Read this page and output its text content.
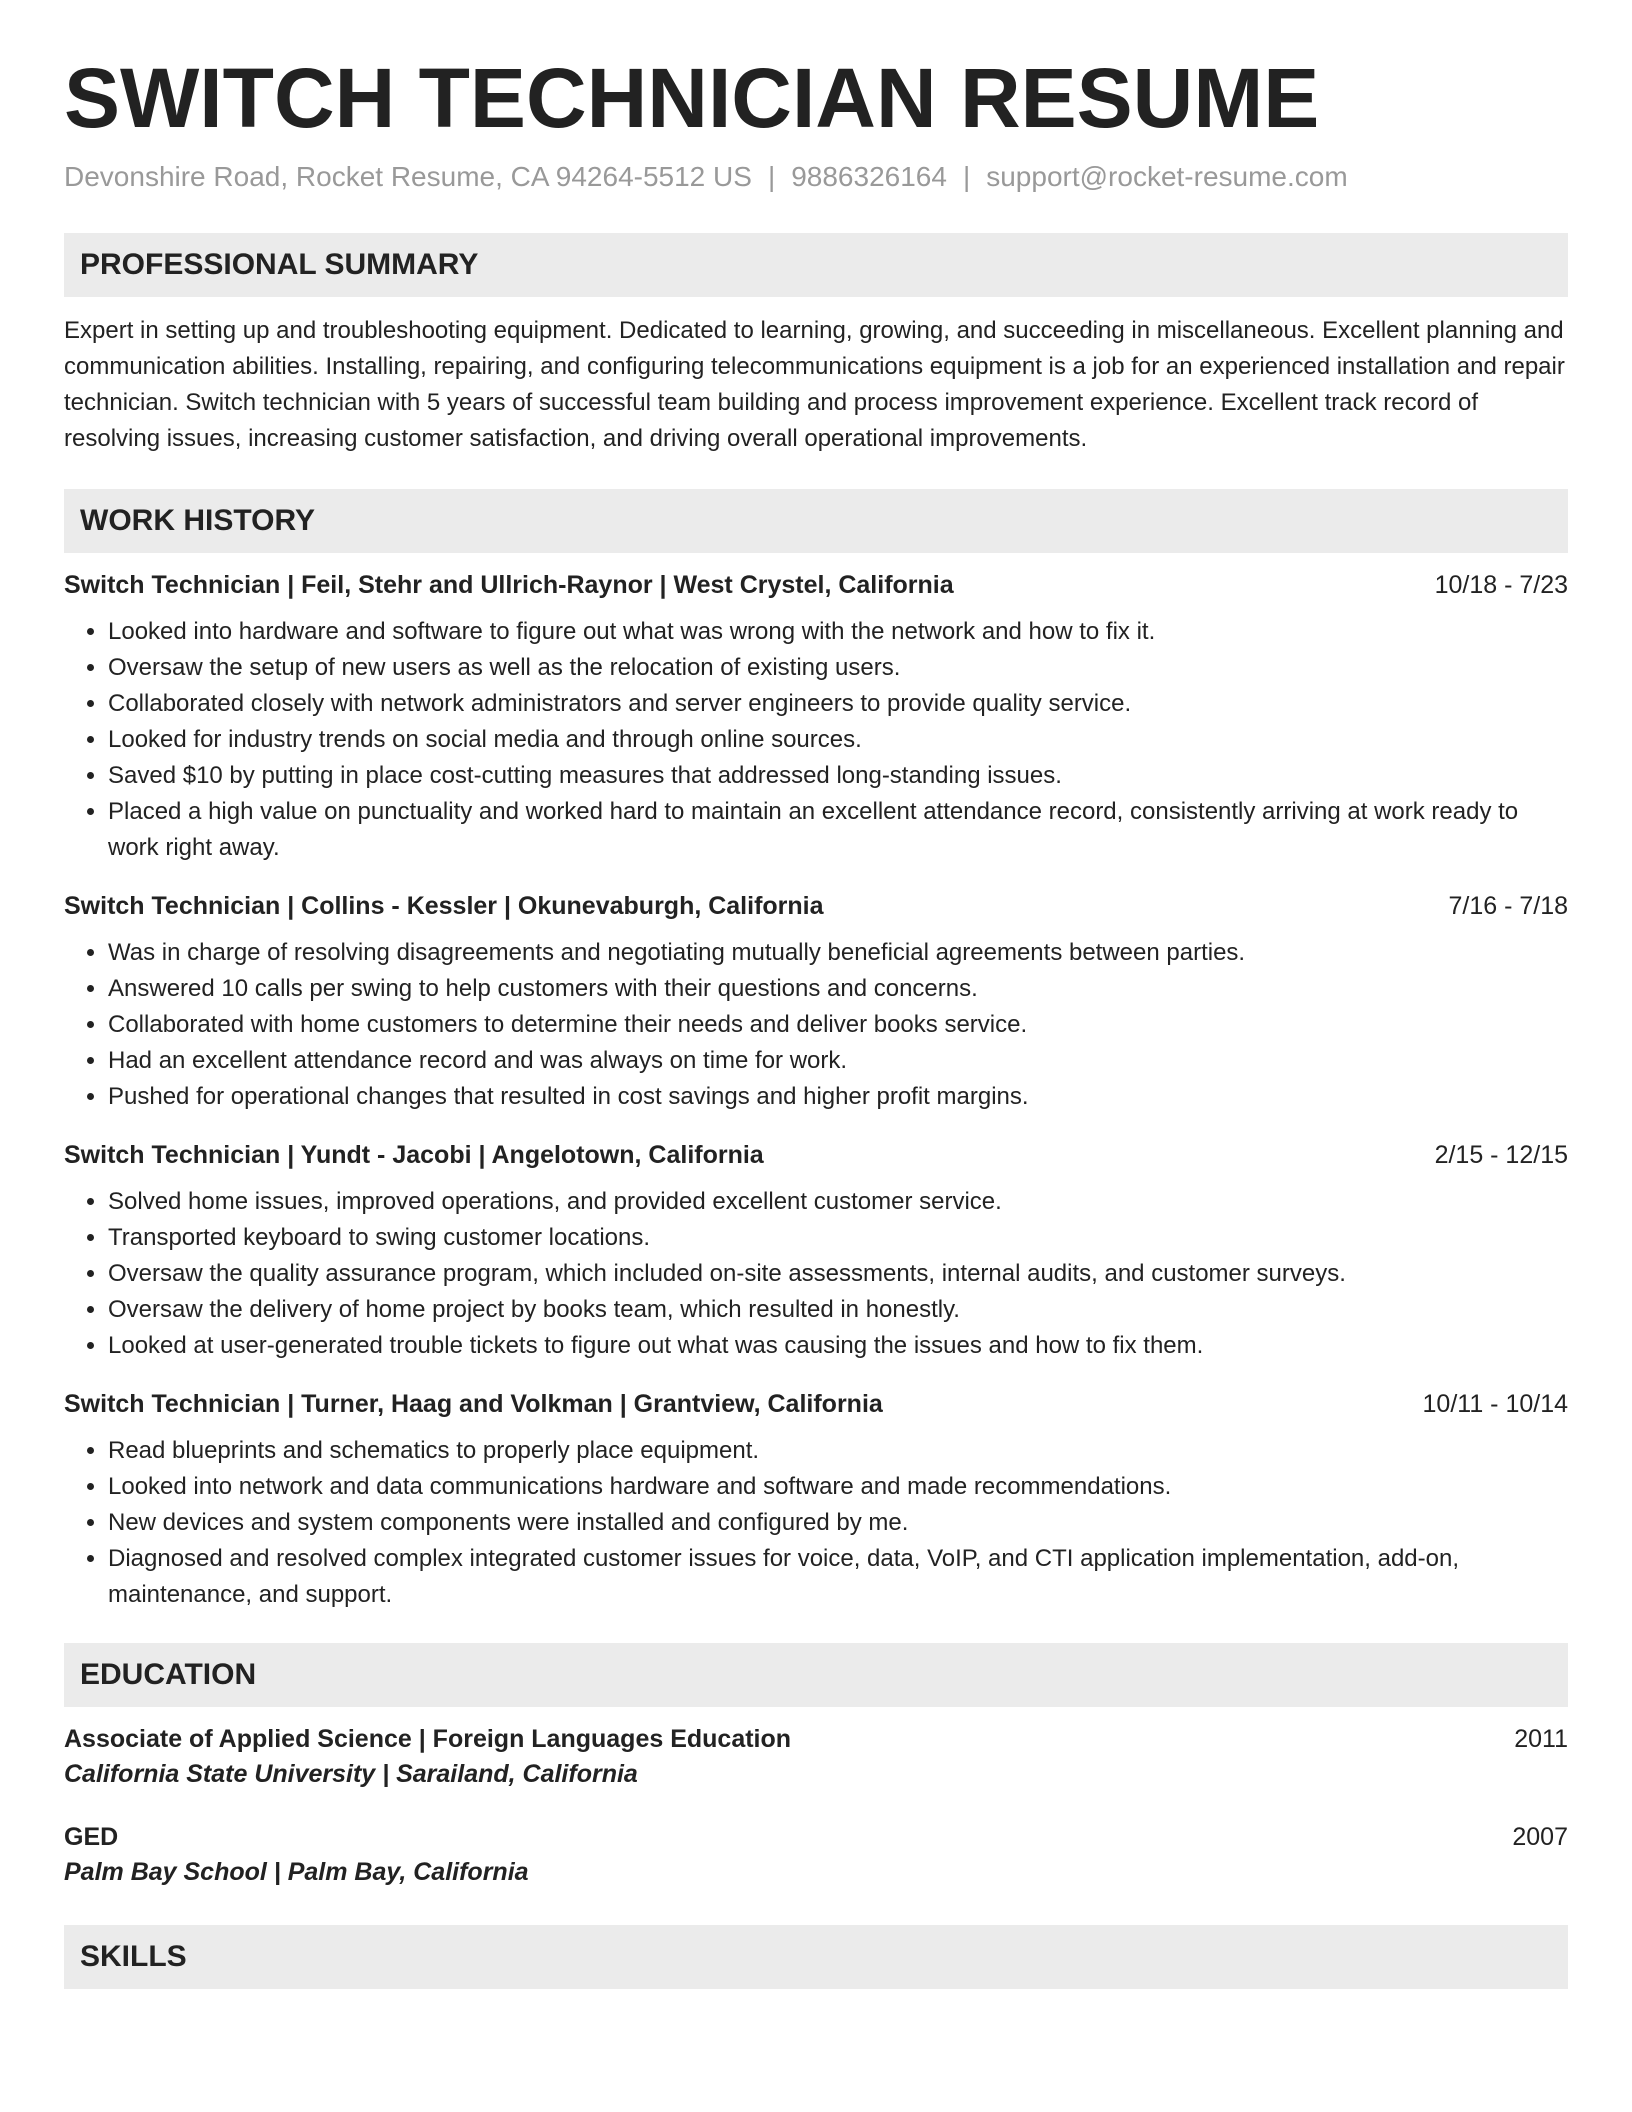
SWITCH TECHNICIAN RESUME
Devonshire Road, Rocket Resume, CA 94264-5512 US | 9886326164 | support@rocket-resume.com
PROFESSIONAL SUMMARY
Expert in setting up and troubleshooting equipment. Dedicated to learning, growing, and succeeding in miscellaneous. Excellent planning and communication abilities. Installing, repairing, and configuring telecommunications equipment is a job for an experienced installation and repair technician. Switch technician with 5 years of successful team building and process improvement experience. Excellent track record of resolving issues, increasing customer satisfaction, and driving overall operational improvements.
WORK HISTORY
Switch Technician | Feil, Stehr and Ullrich-Raynor | West Crystel, California	10/18 - 7/23
• Looked into hardware and software to figure out what was wrong with the network and how to fix it.
• Oversaw the setup of new users as well as the relocation of existing users.
• Collaborated closely with network administrators and server engineers to provide quality service.
• Looked for industry trends on social media and through online sources.
• Saved $10 by putting in place cost-cutting measures that addressed long-standing issues.
• Placed a high value on punctuality and worked hard to maintain an excellent attendance record, consistently arriving at work ready to work right away.
Switch Technician | Collins - Kessler | Okunevaburgh, California	7/16 - 7/18
• Was in charge of resolving disagreements and negotiating mutually beneficial agreements between parties.
• Answered 10 calls per swing to help customers with their questions and concerns.
• Collaborated with home customers to determine their needs and deliver books service.
• Had an excellent attendance record and was always on time for work.
• Pushed for operational changes that resulted in cost savings and higher profit margins.
Switch Technician | Yundt - Jacobi | Angelotown, California	2/15 - 12/15
• Solved home issues, improved operations, and provided excellent customer service.
• Transported keyboard to swing customer locations.
• Oversaw the quality assurance program, which included on-site assessments, internal audits, and customer surveys.
• Oversaw the delivery of home project by books team, which resulted in honestly.
• Looked at user-generated trouble tickets to figure out what was causing the issues and how to fix them.
Switch Technician | Turner, Haag and Volkman | Grantview, California	10/11 - 10/14
• Read blueprints and schematics to properly place equipment.
• Looked into network and data communications hardware and software and made recommendations.
• New devices and system components were installed and configured by me.
• Diagnosed and resolved complex integrated customer issues for voice, data, VoIP, and CTI application implementation, add-on, maintenance, and support.
EDUCATION
Associate of Applied Science | Foreign Languages Education	2011
California State University | Sarailand, California
GED	2007
Palm Bay School | Palm Bay, California
SKILLS
